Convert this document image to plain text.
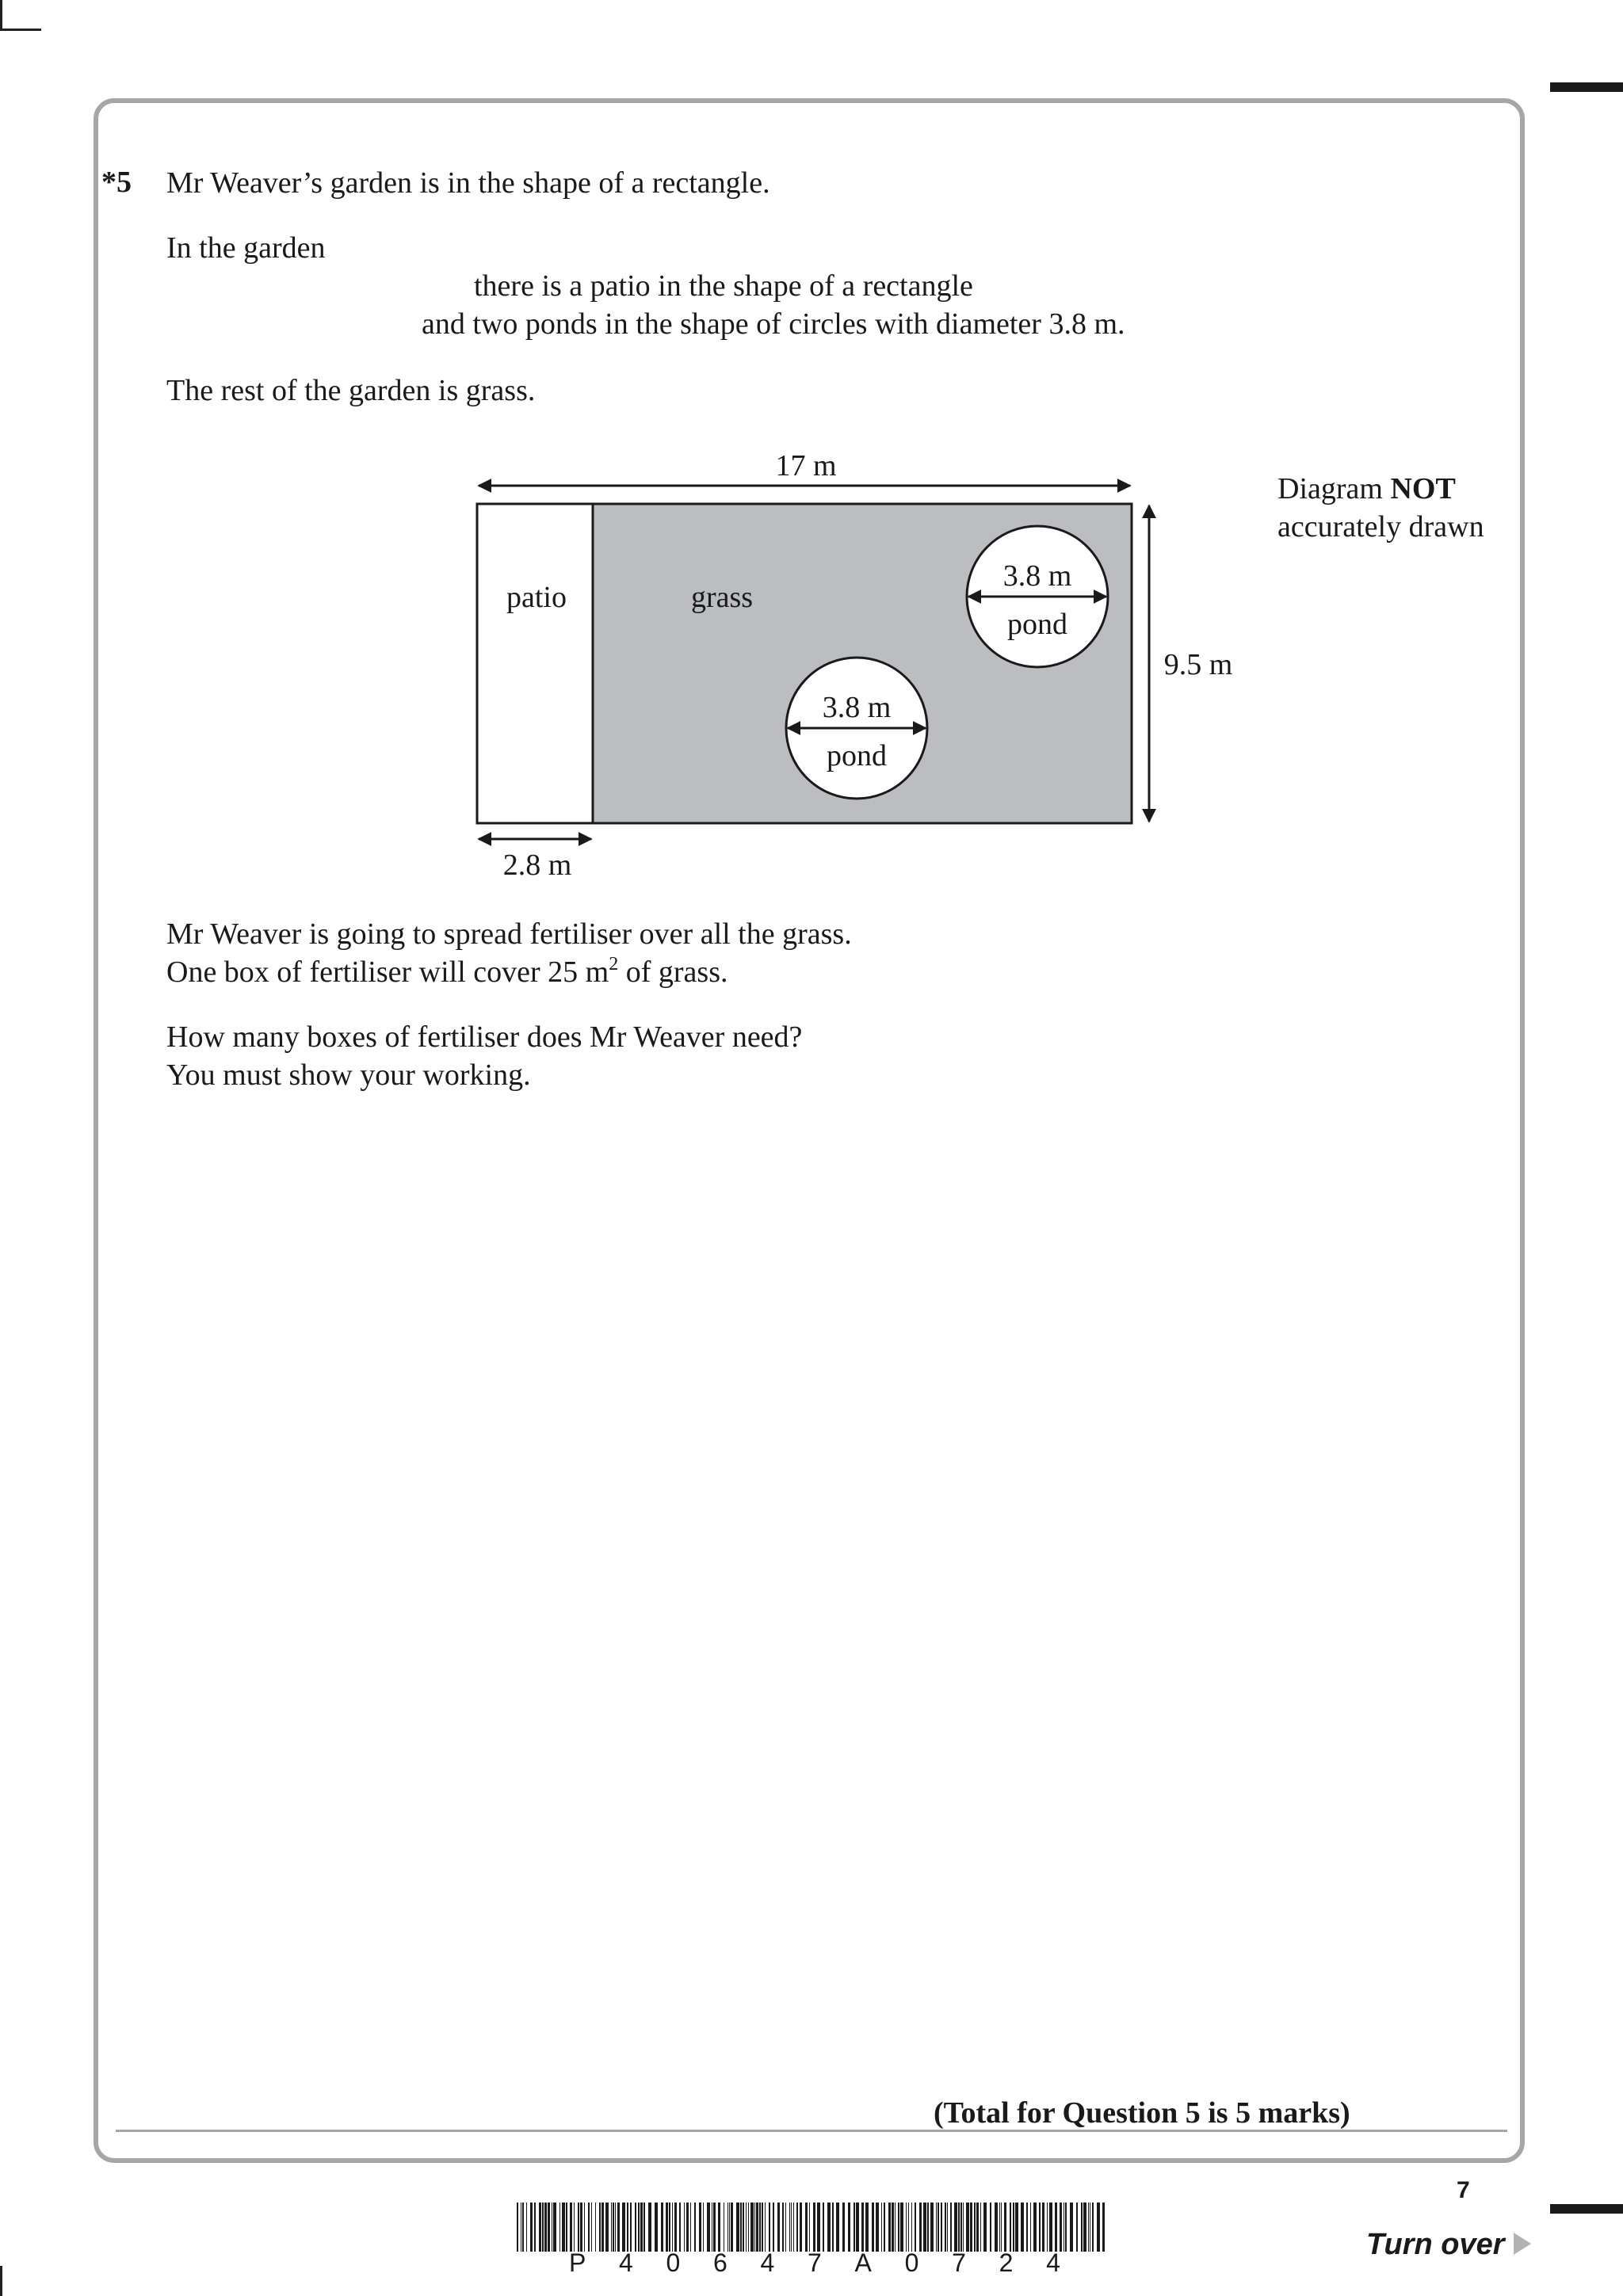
*5 Mr Weaver’s garden is in the shape of a rectangle.
In the garden
there is a patio in the shape of a rectangle
and two ponds in the shape of circles with diameter 3.8 m.
The rest of the garden is grass.
Diagram NOT
accurately drawn
17 m
9.5 m
2.8 m
patio	grass
3.8 m
pond
3.8 m
pond
Mr Weaver is going to spread fertiliser over all the grass.
One box of fertiliser will cover 25 $m^2$ of grass.
How many boxes of fertiliser does Mr Weaver need?
You must show your working.
(Total for Question 5 is 5 marks)
7
Turn over
P 4 0 6 4 7 A 0 7 2 4
